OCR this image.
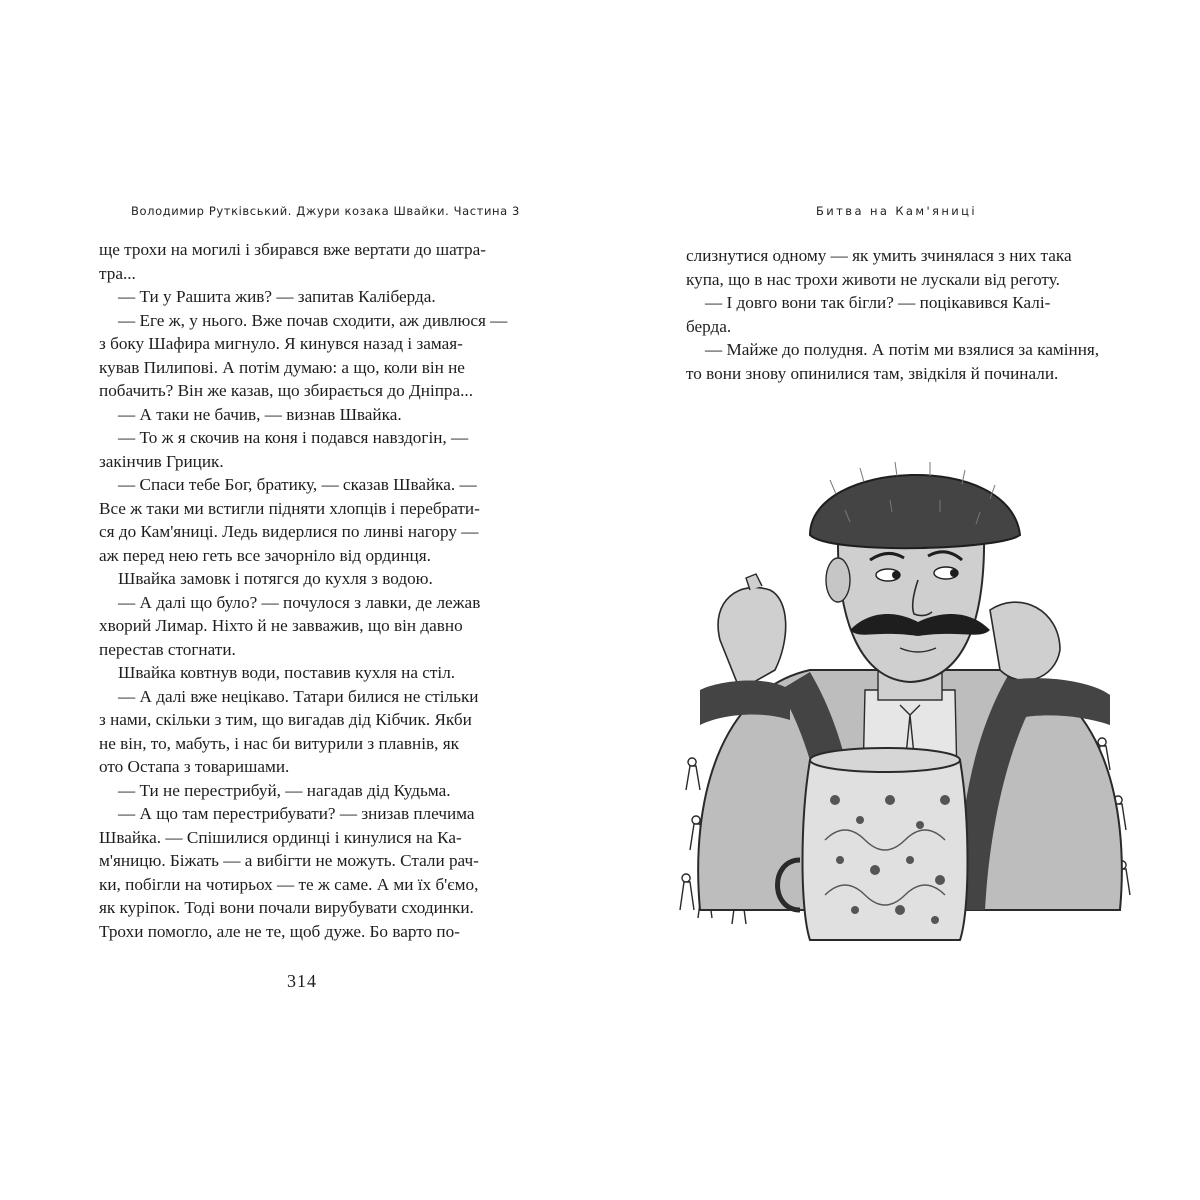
Володимир Рутківський. Джури козака Швайки. Частина 3	Битва на Кам'яниці
ще трохи на могилі і збирався вже вертати до шатра-
тра...
— Ти у Рашита жив? — запитав Каліберда.
— Еге ж, у нього. Вже почав сходити, аж дивлюся —
з боку Шафира мигнуло. Я кинувся назад і замая-
кував Пилипові. А потім думаю: а що, коли він не
побачить? Він же казав, що збирається до Дніпра...
— А таки не бачив, — визнав Швайка.
— То ж я скочив на коня і подався навздогін, —
закінчив Грицик.
— Спаси тебе Бог, братику, — сказав Швайка. —
Все ж таки ми встигли підняти хлопців і перебрати-
ся до Кам'яниці. Ледь видерлися по линві нагору —
аж перед нею геть все зачорніло від ординця.
Швайка замовк і потягся до кухля з водою.
— А далі що було? — почулося з лавки, де лежав
хворий Лимар. Ніхто й не завважив, що він давно
перестав стогнати.
Швайка ковтнув води, поставив кухля на стіл.
— А далі вже нецікаво. Татари билися не стільки
з нами, скільки з тим, що вигадав дід Кібчик. Якби
не він, то, мабуть, і нас би витурили з плавнів, як
ото Остапа з товаришами.
— Ти не перестрибуй, — нагадав дід Кудьма.
— А що там перестрибувати? — знизав плечима
Швайка. — Спішилися ординці і кинулися на Ка-
м'яницю. Біжать — а вибігти не можуть. Стали рач-
ки, побігли на чотирьох — те ж саме. А ми їх б'ємо,
як куріпок. Тоді вони почали вирубувати сходинки.
Трохи помогло, але не те, щоб дуже. Бо варто по-
слизнутися одному — як умить зчинялася з них така
купа, що в нас трохи животи не лускали від реготу.
— І довго вони так бігли? — поцікавився Калі-
берда.
— Майже до полудня. А потім ми взялися за каміння,
то вони знову опинилися там, звідкіля й починали.
314
